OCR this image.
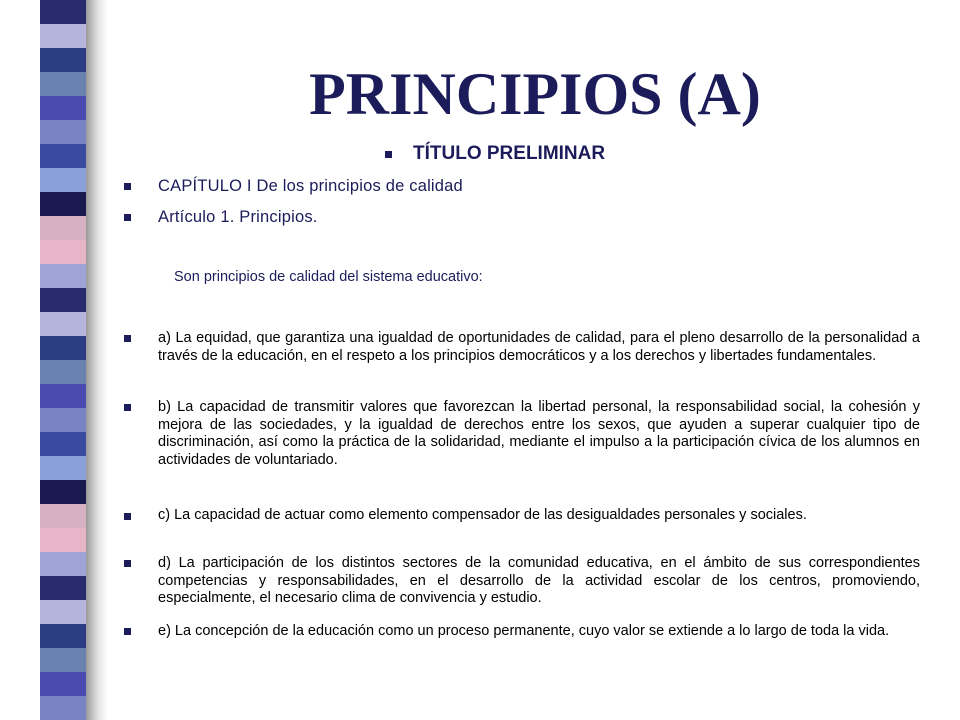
PRINCIPIOS (A)
TÍTULO PRELIMINAR
CAPÍTULO I De los principios de calidad
Artículo 1. Principios.
Son principios de calidad del sistema educativo:
a) La equidad, que garantiza una igualdad de oportunidades de calidad, para el pleno desarrollo de la personalidad a través de la educación, en el respeto a los principios democráticos y a los derechos y libertades fundamentales.
b) La capacidad de transmitir valores que favorezcan la libertad personal, la responsabilidad social, la cohesión y mejora de las sociedades, y la igualdad de derechos entre los sexos, que ayuden a superar cualquier tipo de discriminación, así como la práctica de la solidaridad, mediante el impulso a la participación cívica de los alumnos en actividades de voluntariado.
c) La capacidad de actuar como elemento compensador de las desigualdades personales y sociales.
d) La participación de los distintos sectores de la comunidad educativa, en el ámbito de sus correspondientes competencias y responsabilidades, en el desarrollo de la actividad escolar de los centros, promoviendo, especialmente, el necesario clima de convivencia y estudio.
e) La concepción de la educación como un proceso permanente, cuyo valor se extiende a lo largo de toda la vida.
